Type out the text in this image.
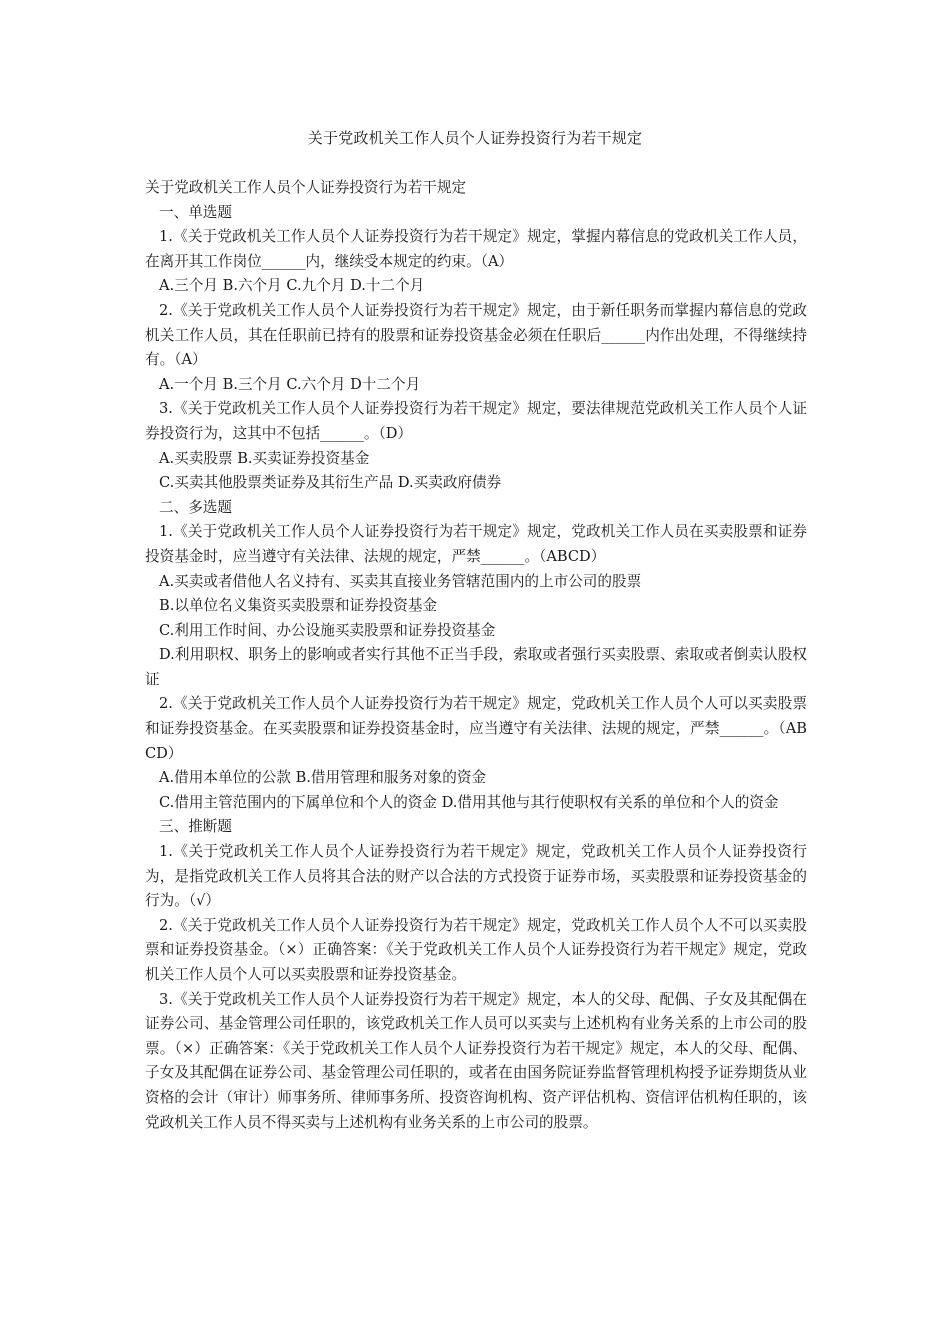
关于党政机关工作人员个人证券投资行为若干规定

关于党政机关工作人员个人证券投资行为若干规定

一、单选题

1.《关于党政机关工作人员个人证券投资行为若干规定》规定，掌握内幕信息的党政机关工作人员，在离开其工作岗位______内，继续受本规定的约束。（A）

A.三个月 B.六个月 C.九个月 D.十二个月

2.《关于党政机关工作人员个人证券投资行为若干规定》规定，由于新任职务而掌握内幕信息的党政机关工作人员，其在任职前已持有的股票和证券投资基金必须在任职后______内作出处理，不得继续持有。（A）

A.一个月 B.三个月 C.六个月 D十二个月

3.《关于党政机关工作人员个人证券投资行为若干规定》规定，要法律规范党政机关工作人员个人证券投资行为，这其中不包括______。（D）

A.买卖股票 B.买卖证券投资基金

C.买卖其他股票类证券及其衍生产品 D.买卖政府债券

二、多选题

1.《关于党政机关工作人员个人证券投资行为若干规定》规定，党政机关工作人员在买卖股票和证券投资基金时，应当遵守有关法律、法规的规定，严禁______。（ABCD）

A.买卖或者借他人名义持有、买卖其直接业务管辖范围内的上市公司的股票

B.以单位名义集资买卖股票和证券投资基金

C.利用工作时间、办公设施买卖股票和证券投资基金

D.利用职权、职务上的影响或者实行其他不正当手段，索取或者强行买卖股票、索取或者倒卖认股权证

2.《关于党政机关工作人员个人证券投资行为若干规定》规定，党政机关工作人员个人可以买卖股票和证券投资基金。在买卖股票和证券投资基金时，应当遵守有关法律、法规的规定，严禁______。（ABCD）

A.借用本单位的公款 B.借用管理和服务对象的资金

C.借用主管范围内的下属单位和个人的资金 D.借用其他与其行使职权有关系的单位和个人的资金

三、推断题

1.《关于党政机关工作人员个人证券投资行为若干规定》规定，党政机关工作人员个人证券投资行为，是指党政机关工作人员将其合法的财产以合法的方式投资于证券市场，买卖股票和证券投资基金的行为。（√）

2.《关于党政机关工作人员个人证券投资行为若干规定》规定，党政机关工作人员个人不可以买卖股票和证券投资基金。（×）正确答案：《关于党政机关工作人员个人证券投资行为若干规定》规定，党政机关工作人员个人可以买卖股票和证券投资基金。

3.《关于党政机关工作人员个人证券投资行为若干规定》规定，本人的父母、配偶、子女及其配偶在证券公司、基金管理公司任职的，该党政机关工作人员可以买卖与上述机构有业务关系的上市公司的股票。（×）正确答案：《关于党政机关工作人员个人证券投资行为若干规定》规定，本人的父母、配偶、子女及其配偶在证券公司、基金管理公司任职的，或者在由国务院证券监督管理机构授予证券期货从业资格的会计（审计）师事务所、律师事务所、投资咨询机构、资产评估机构、资信评估机构任职的，该党政机关工作人员不得买卖与上述机构有业务关系的上市公司的股票。
